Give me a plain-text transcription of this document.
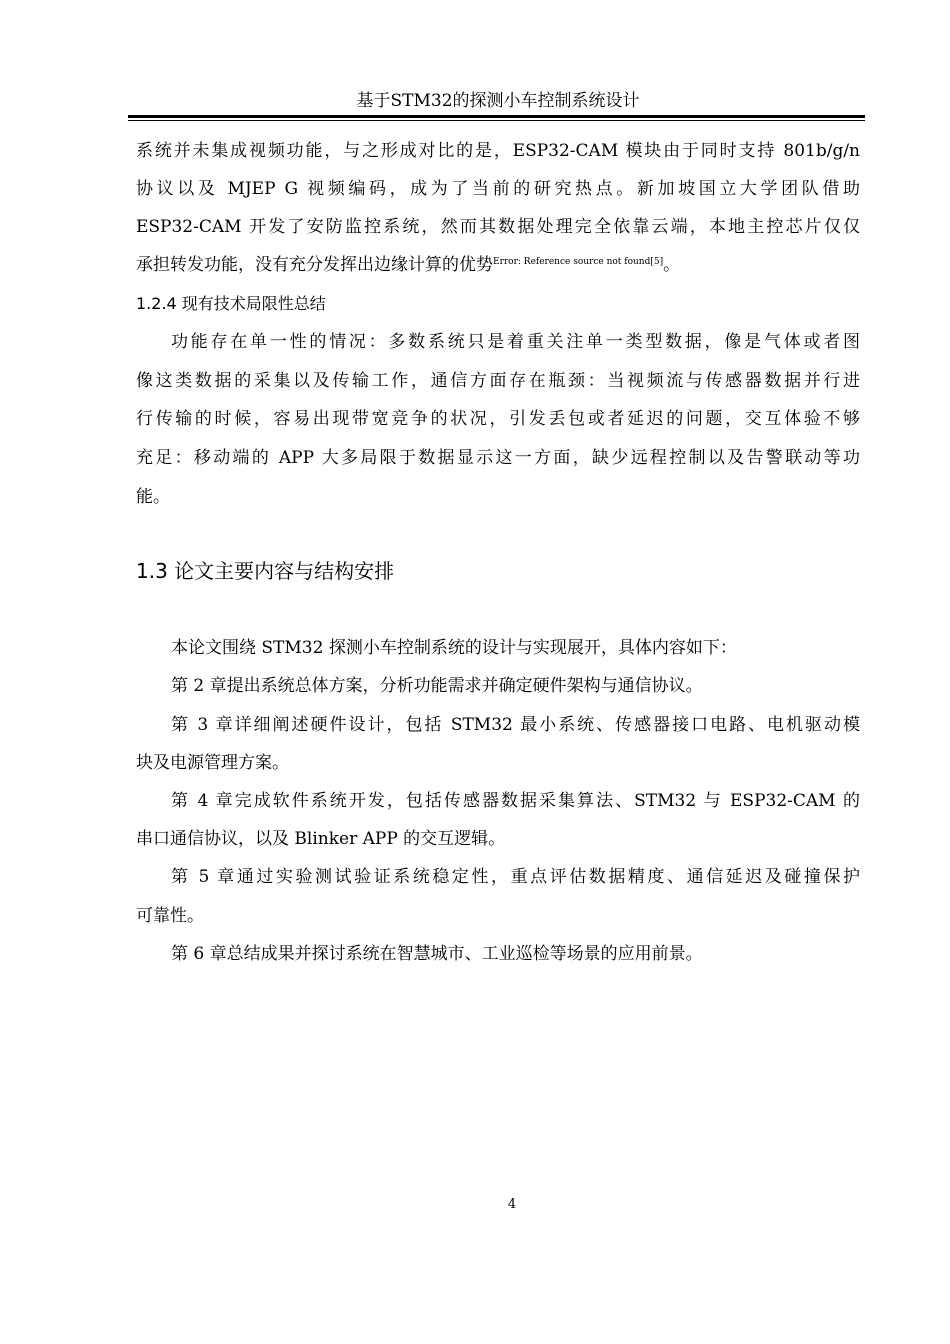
基于STM32的探测小车控制系统设计
系统并未集成视频功能，与之形成对比的是，ESP32-CAM 模块由于同时支持 801b/g/n
协议以及 MJEP G 视频编码，成为了当前的研究热点。新加坡国立大学团队借助
ESP32-CAM 开发了安防监控系统，然而其数据处理完全依靠云端，本地主控芯片仅仅
承担转发功能，没有充分发挥出边缘计算的优势$^{Error: Reference source not found[5]}$。
1.2.4 现有技术局限性总结
功能存在单一性的情况：多数系统只是着重关注单一类型数据，像是气体或者图
像这类数据的采集以及传输工作，通信方面存在瓶颈：当视频流与传感器数据并行进
行传输的时候，容易出现带宽竞争的状况，引发丢包或者延迟的问题，交互体验不够
充足：移动端的 APP 大多局限于数据显示这一方面，缺少远程控制以及告警联动等功
能。
1.3 论文主要内容与结构安排
本论文围绕 STM32 探测小车控制系统的设计与实现展开，具体内容如下：
第 2 章提出系统总体方案，分析功能需求并确定硬件架构与通信协议。
第 3 章详细阐述硬件设计，包括 STM32 最小系统、传感器接口电路、电机驱动模
块及电源管理方案。
第 4 章完成软件系统开发，包括传感器数据采集算法、STM32 与 ESP32-CAM 的
串口通信协议，以及 Blinker APP 的交互逻辑。
第 5 章通过实验测试验证系统稳定性，重点评估数据精度、通信延迟及碰撞保护
可靠性。
第 6 章总结成果并探讨系统在智慧城市、工业巡检等场景的应用前景。
4
